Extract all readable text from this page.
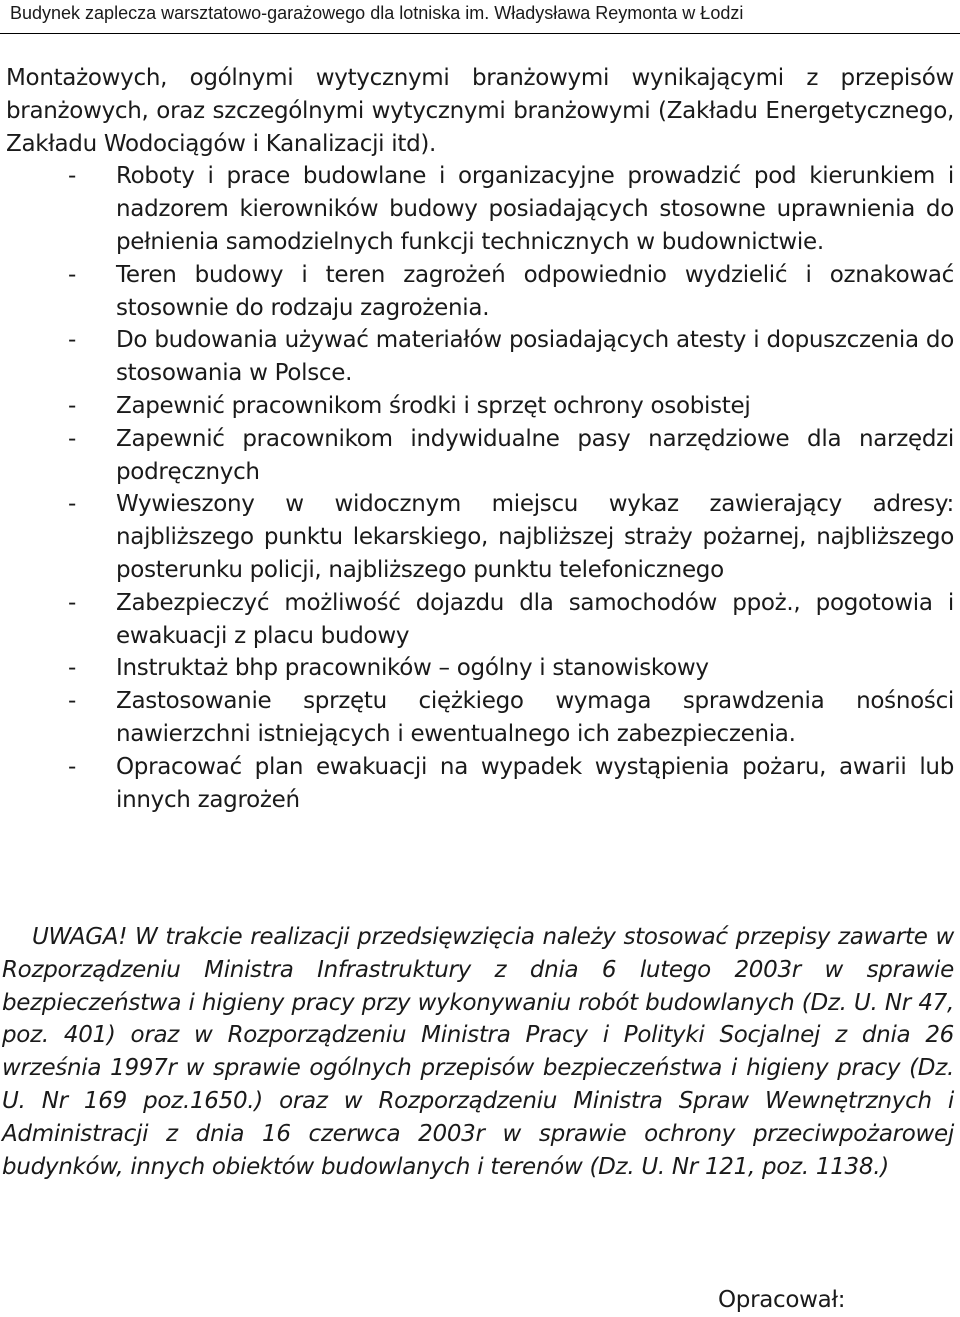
Budynek zaplecza warsztatowo-garażowego dla lotniska im. Władysława Reymonta w Łodzi

Montażowych, ogólnymi wytycznymi branżowymi wynikającymi z przepisów branżowych, oraz szczególnymi wytycznymi branżowymi (Zakładu Energetycznego, Zakładu Wodociągów i Kanalizacji itd).

- Roboty i prace budowlane i organizacyjne prowadzić pod kierunkiem i nadzorem kierowników budowy posiadających stosowne uprawnienia do pełnienia samodzielnych funkcji technicznych w budownictwie.
- Teren budowy i teren zagrożeń odpowiednio wydzielić i oznakować stosownie do rodzaju zagrożenia.
- Do budowania używać materiałów posiadających atesty i dopuszczenia do stosowania w Polsce.
- Zapewnić pracownikom środki i sprzęt ochrony osobistej
- Zapewnić pracownikom indywidualne pasy narzędziowe dla narzędzi podręcznych
- Wywieszony w widocznym miejscu wykaz zawierający adresy: najbliższego punktu lekarskiego, najbliższej straży pożarnej, najbliższego posterunku policji, najbliższego punktu telefonicznego
- Zabezpieczyć możliwość dojazdu dla samochodów ppoż., pogotowia i ewakuacji z placu budowy
- Instruktaż bhp pracowników – ogólny i stanowiskowy
- Zastosowanie sprzętu ciężkiego wymaga sprawdzenia nośności nawierzchni istniejących i ewentualnego ich zabezpieczenia.
- Opracować plan ewakuacji na wypadek wystąpienia pożaru, awarii lub innych zagrożeń

UWAGA! W trakcie realizacji przedsięwzięcia należy stosować przepisy zawarte w Rozporządzeniu Ministra Infrastruktury z dnia 6 lutego 2003r w sprawie bezpieczeństwa i higieny pracy przy wykonywaniu robót budowlanych (Dz. U. Nr 47, poz. 401) oraz w Rozporządzeniu Ministra Pracy i Polityki Socjalnej z dnia 26 września 1997r w sprawie ogólnych przepisów bezpieczeństwa i higieny pracy (Dz. U. Nr 169 poz.1650.) oraz w Rozporządzeniu Ministra Spraw Wewnętrznych i Administracji z dnia 16 czerwca 2003r w sprawie ochrony przeciwpożarowej budynków, innych obiektów budowlanych i terenów (Dz. U. Nr 121, poz. 1138.)

Opracował:
